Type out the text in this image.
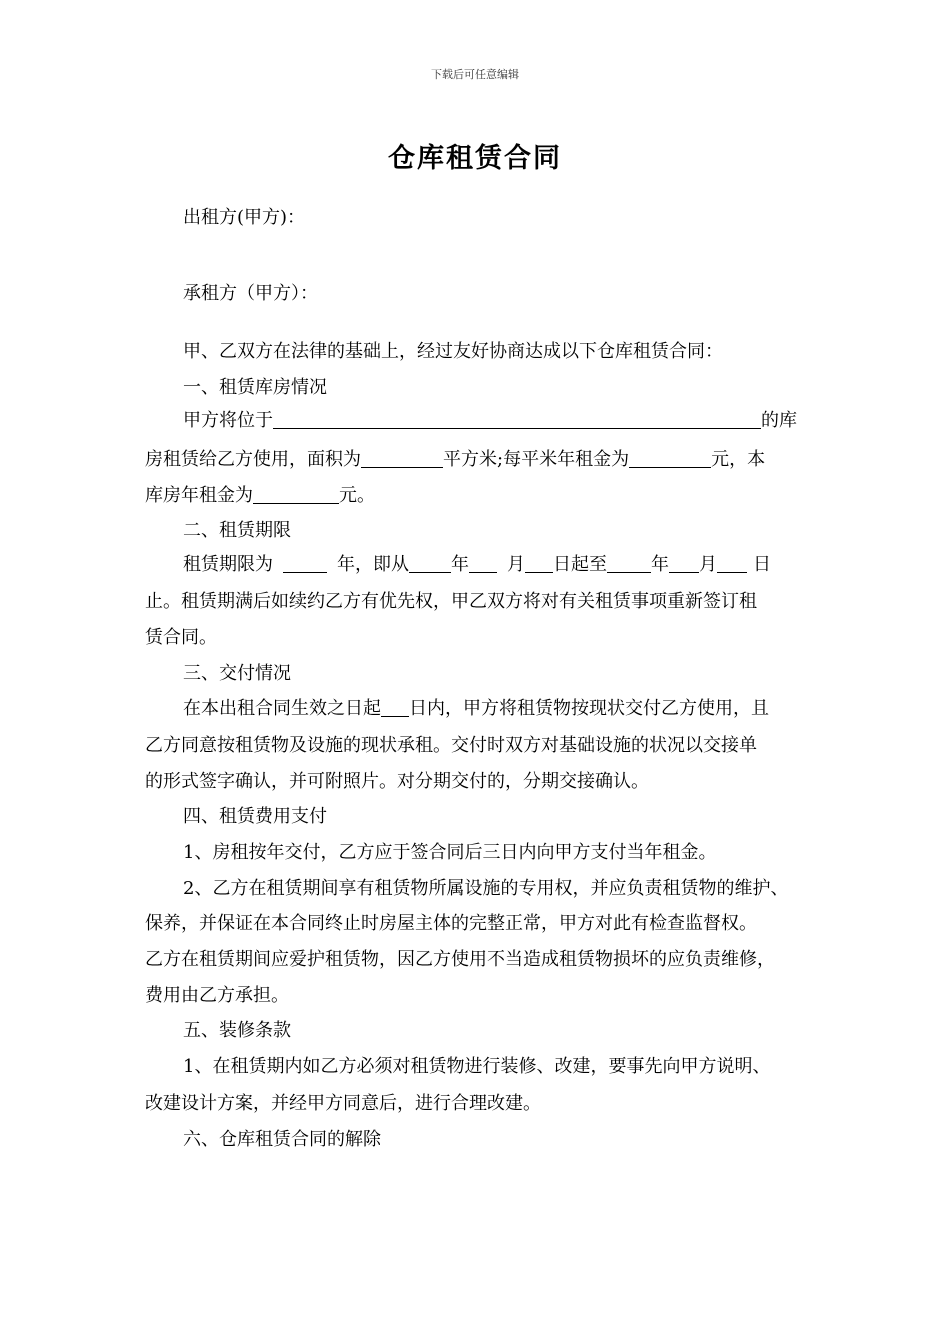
下载后可任意编辑
仓库租赁合同
出租方(甲方)：
承租方（甲方）：
甲、乙双方在法律的基础上，经过友好协商达成以下仓库租赁合同：
一、租赁库房情况
甲方将位于	的库
房租赁给乙方使用，面积为	平方米;每平米年租金为	元，本
库房年租金为	元。
二、租赁期限
租赁期限为	年，即从 年 月 日起至 年 月 日
止。租赁期满后如续约乙方有优先权，甲乙双方将对有关租赁事项重新签订租
赁合同。
三、交付情况
在本出租合同生效之日起 日内，甲方将租赁物按现状交付乙方使用，且
乙方同意按租赁物及设施的现状承租。交付时双方对基础设施的状况以交接单
的形式签字确认，并可附照片。对分期交付的，分期交接确认。
四、租赁费用支付
1、房租按年交付，乙方应于签合同后三日内向甲方支付当年租金。
2、乙方在租赁期间享有租赁物所属设施的专用权，并应负责租赁物的维护、
保养，并保证在本合同终止时房屋主体的完整正常，甲方对此有检查监督权。
乙方在租赁期间应爱护租赁物，因乙方使用不当造成租赁物损坏的应负责维修，
费用由乙方承担。
五、装修条款
1、在租赁期内如乙方必须对租赁物进行装修、改建，要事先向甲方说明、
改建设计方案，并经甲方同意后，进行合理改建。
六、仓库租赁合同的解除
